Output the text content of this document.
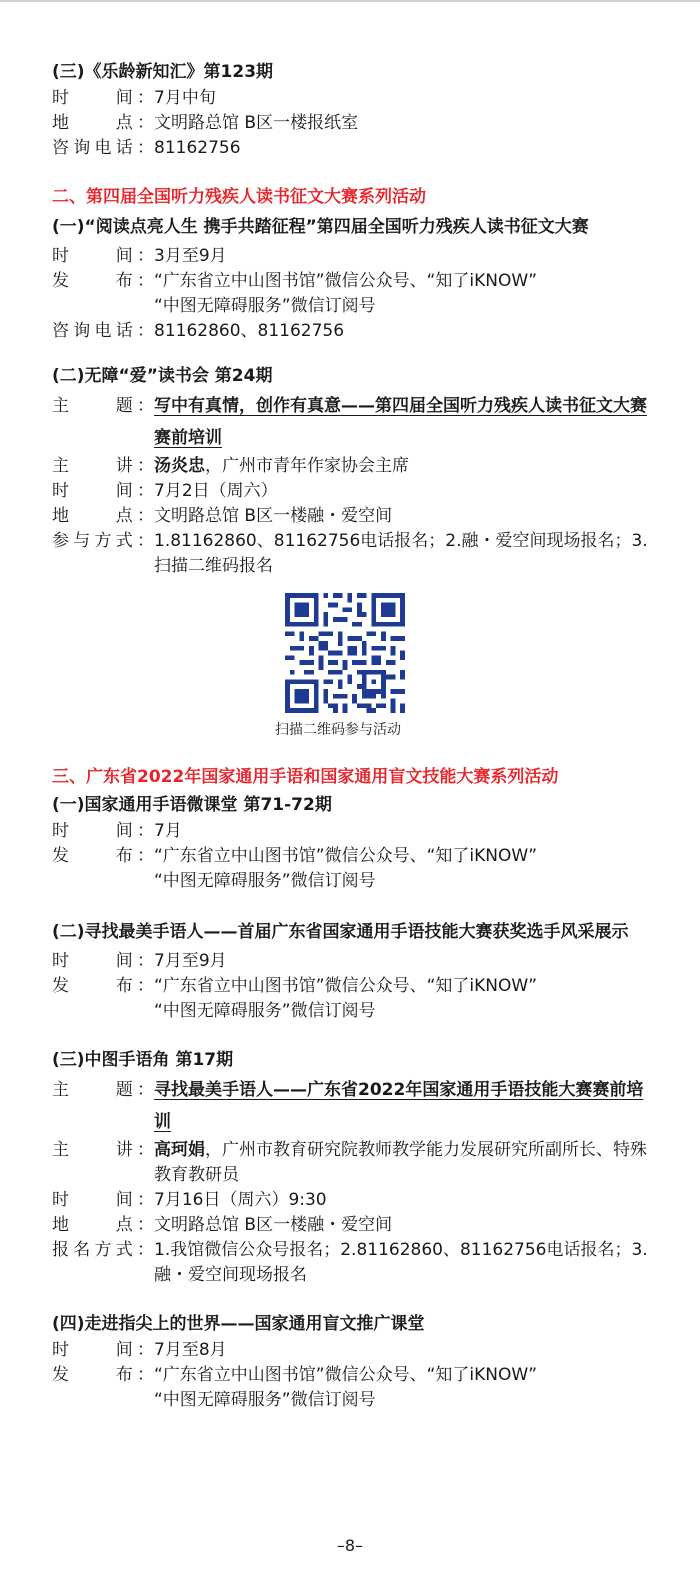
(三)《乐龄新知汇》第123期

时　　间： 7月中旬
地　　点： 文明路总馆 B区一楼报纸室
咨询电话： 81162756

二、第四届全国听力残疾人读书征文大赛系列活动

(一)“阅读点亮人生 携手共踏征程”第四届全国听力残疾人读书征文大赛

时　　间： 3月至9月
发　　布： “广东省立中山图书馆”微信公众号、“知了iKNOW”
“中图无障碍服务”微信订阅号
咨询电话： 81162860、81162756

(二)无障“爱”读书会 第24期

主　　题： 写中有真情，创作有真意——第四届全国听力残疾人读书征文大赛赛前培训
主　　讲： 汤炎忠，广州市青年作家协会主席
时　　间： 7月2日（周六）
地　　点： 文明路总馆 B区一楼融・爱空间
参与方式： 1.81162860、81162756电话报名；2.融・爱空间现场报名；3.扫描二维码报名
扫描二维码参与活动

三、广东省2022年国家通用手语和国家通用盲文技能大赛系列活动

(一)国家通用手语微课堂 第71-72期

时　　间： 7月
发　　布： “广东省立中山图书馆”微信公众号、“知了iKNOW”
“中图无障碍服务”微信订阅号

(二)寻找最美手语人——首届广东省国家通用手语技能大赛获奖选手风采展示

时　　间： 7月至9月
发　　布： “广东省立中山图书馆”微信公众号、“知了iKNOW”
“中图无障碍服务”微信订阅号

(三)中图手语角 第17期

主　　题： 寻找最美手语人——广东省2022年国家通用手语技能大赛赛前培训
主　　讲： 高珂娟，广州市教育研究院教师教学能力发展研究所副所长、特殊教育教研员
时　　间： 7月16日（周六）9:30
地　　点： 文明路总馆 B区一楼融・爱空间
报名方式： 1.我馆微信公众号报名；2.81162860、81162756电话报名；3.融・爱空间现场报名

(四)走进指尖上的世界——国家通用盲文推广课堂

时　　间： 7月至8月
发　　布： “广东省立中山图书馆”微信公众号、“知了iKNOW”
“中图无障碍服务”微信订阅号
–8–
